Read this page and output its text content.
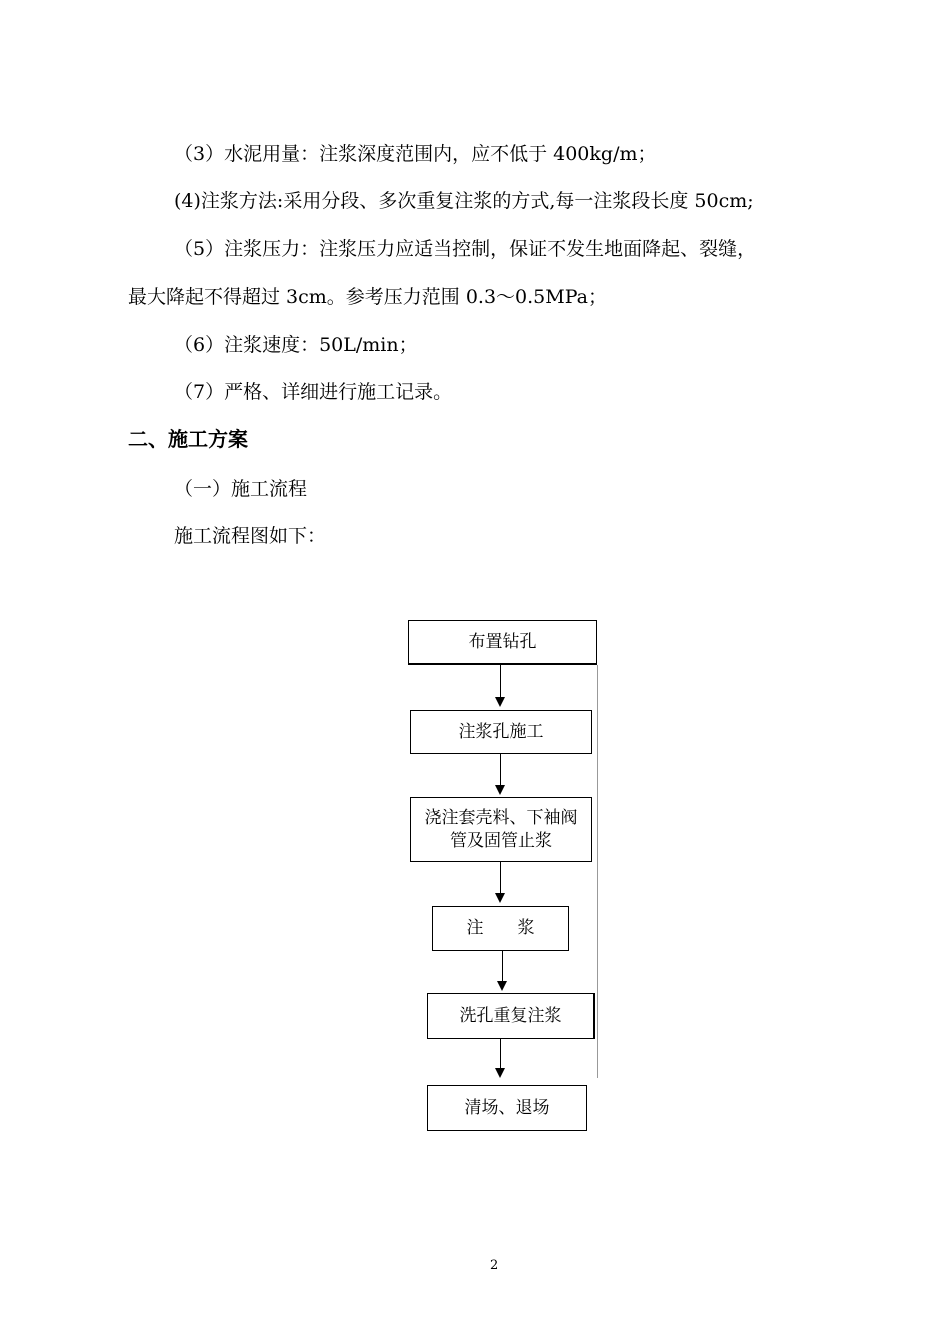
（3）水泥用量：注浆深度范围内，应不低于 400kg/m；
(4)注浆方法:采用分段、多次重复注浆的方式,每一注浆段长度 50cm;
（5）注浆压力：注浆压力应适当控制，保证不发生地面降起、裂缝，
最大降起不得超过 3cm。参考压力范围 0.3～0.5MPa；
（6）注浆速度：50L/min；
（7）严格、详细进行施工记录。
二、施工方案
（一）施工流程
施工流程图如下：
布置钻孔
注浆孔施工
浇注套壳料、下袖阀管及固管止浆
注　　浆
洗孔重复注浆
清场、退场
2
